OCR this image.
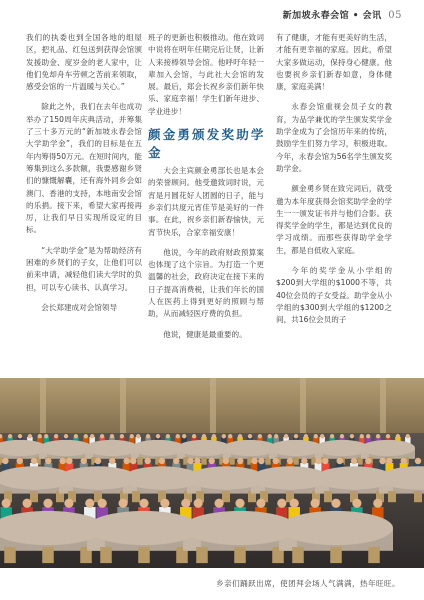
新加坡永春会馆 • 会讯 05

我们的执委也到全国各地的组屋区，把礼品、红包送到获得会馆颁发援助金、度岁金的老人家中，让他们免却舟车劳顿之苦前来领取，感受会馆的一片温暖与关心。”

除此之外，我们在去年也成功举办了150周年庆典活动，并筹集了三十多万元的“新加坡永春会馆大学助学金”，我们的目标是在五年内筹得50万元。在短时间内，能筹集到这么多款额，我要感谢乡贤们的慷慨解囊，还有海外同乡会如澳门、香港的支持，本地南安会馆的乐捐。接下来，希望大家再接再厉，让我们早日实现所设定的目标。

“大学助学金”是为帮助经济有困难的乡贤们的子女，让他们可以前来申请，减轻他们读大学时的负担，可以专心读书、认真学习。

会长郑建成对会馆领导

班子的更新也积极推动。他在致词中说将在明年任期完后让贤，让新人来接棒领导会馆。他呼吁年轻一辈加入会馆，与此社大会馆的发展。最后，郑会长祝乡亲们新年快乐、家庭幸福！学生们新年进步、学业进步！

颜金勇颁发奖助学金

大会主宾颜金勇部长也是本会的荣誉顾问。他受邀致词时说，元宵是月圆花好人团圆的日子，能与乡亲们共度元宵佳节是美好的一件事。在此，祝乡亲们新春愉快，元宵节快乐，合家幸福安康！

他说，今年的政府财政预算案也体现了这个宗旨。为打造一个更温馨的社会，政府决定在接下来的日子提高消费税，让我们年长的国人在医药上得到更好的照顾与帮助，从而减轻医疗费的负担。

他说，健康是最重要的。

有了健康，才能有更美好的生活，才能有更幸福的家庭。因此，希望大家多做运动，保持身心健康。他也要祝乡亲们新春如意，身体健康，家庭美满！

永春会馆重视会员子女的教育，为品学兼优的学生颁发奖学金助学金成为了会馆历年来的传统，鼓励学生们努力学习，积极进取。今年，永春会馆为56名学生颁发奖助学金。

颜金勇乡贤在致完词后，就受邀为本年度获得会馆奖助学金的学生一一颁发证书并与他们合影。获得奖学金的学生，都是达到优良的学习成绩。而那些获得助学金学生，都是自低收入家庭。

今年的奖学金从小学组的$200到大学组的$1000不等，共40位会员的子女受益。助学金从小学组的$300到大学组的$1200之间，共16位会员的子

乡亲们踊跃出席，使团拜会场人气满满，热年旺旺。
